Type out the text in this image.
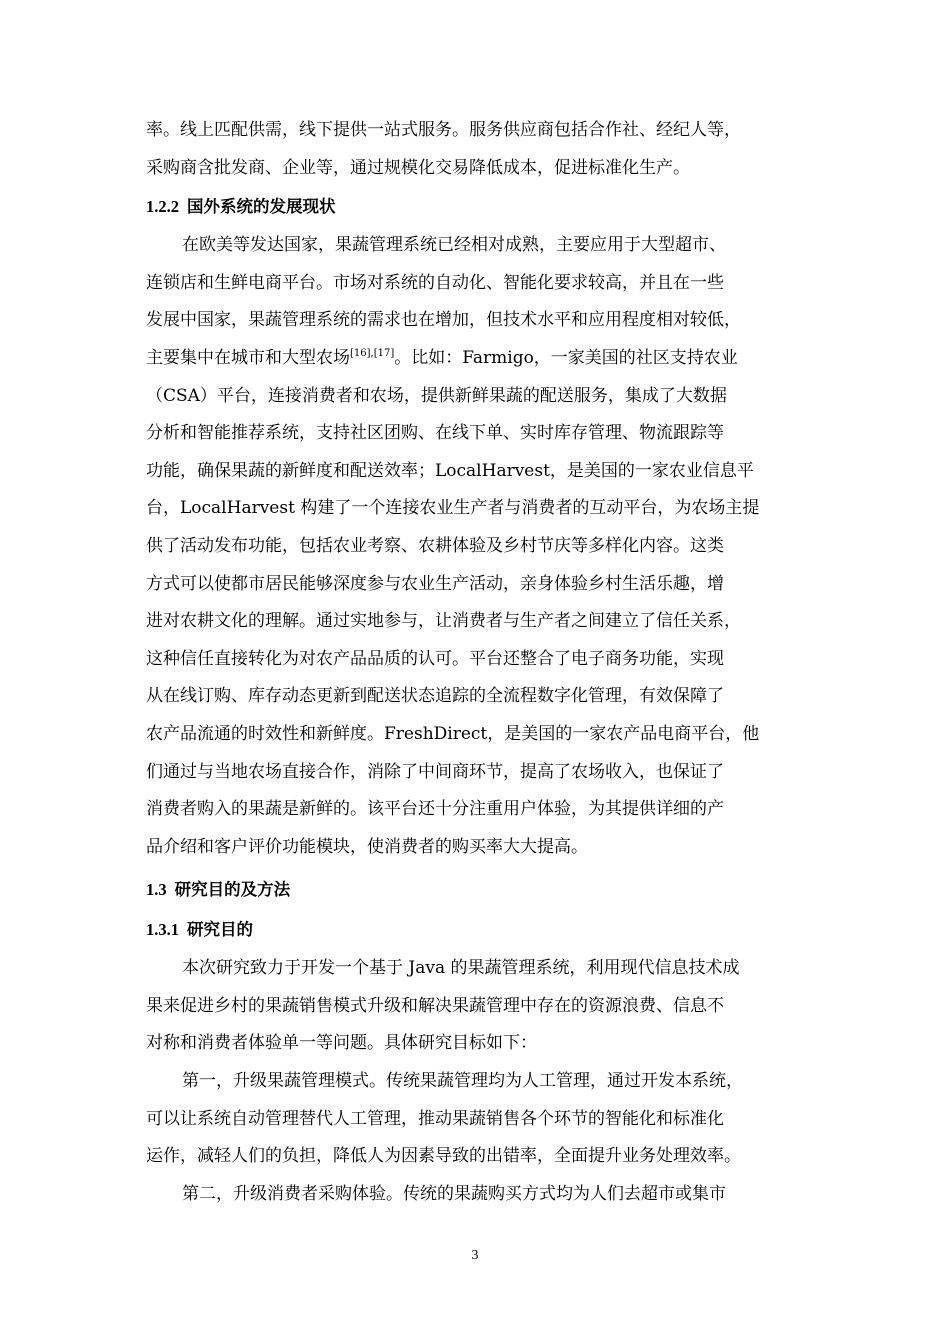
率。线上匹配供需，线下提供一站式服务。服务供应商包括合作社、经纪人等，
采购商含批发商、企业等，通过规模化交易降低成本，促进标准化生产。

1.2.2 国外系统的发展现状

在欧美等发达国家，果蔬管理系统已经相对成熟，主要应用于大型超市、
连锁店和生鲜电商平台。市场对系统的自动化、智能化要求较高，并且在一些
发展中国家，果蔬管理系统的需求也在增加，但技术水平和应用程度相对较低，
主要集中在城市和大型农场[16],[17]。比如：Farmigo，一家美国的社区支持农业
（CSA）平台，连接消费者和农场，提供新鲜果蔬的配送服务，集成了大数据
分析和智能推荐系统，支持社区团购、在线下单、实时库存管理、物流跟踪等
功能，确保果蔬的新鲜度和配送效率；LocalHarvest，是美国的一家农业信息平
台，LocalHarvest 构建了一个连接农业生产者与消费者的互动平台，为农场主提
供了活动发布功能，包括农业考察、农耕体验及乡村节庆等多样化内容。这类
方式可以使都市居民能够深度参与农业生产活动，亲身体验乡村生活乐趣，增
进对农耕文化的理解。通过实地参与，让消费者与生产者之间建立了信任关系，
这种信任直接转化为对农产品品质的认可。平台还整合了电子商务功能，实现
从在线订购、库存动态更新到配送状态追踪的全流程数字化管理，有效保障了
农产品流通的时效性和新鲜度。FreshDirect，是美国的一家农产品电商平台，他
们通过与当地农场直接合作，消除了中间商环节，提高了农场收入，也保证了
消费者购入的果蔬是新鲜的。该平台还十分注重用户体验，为其提供详细的产
品介绍和客户评价功能模块，使消费者的购买率大大提高。

1.3 研究目的及方法
1.3.1 研究目的

本次研究致力于开发一个基于 Java 的果蔬管理系统，利用现代信息技术成
果来促进乡村的果蔬销售模式升级和解决果蔬管理中存在的资源浪费、信息不
对称和消费者体验单一等问题。具体研究目标如下：

第一，升级果蔬管理模式。传统果蔬管理均为人工管理，通过开发本系统，
可以让系统自动管理替代人工管理，推动果蔬销售各个环节的智能化和标准化
运作，减轻人们的负担，降低人为因素导致的出错率，全面提升业务处理效率。

第二，升级消费者采购体验。传统的果蔬购买方式均为人们去超市或集市

3
